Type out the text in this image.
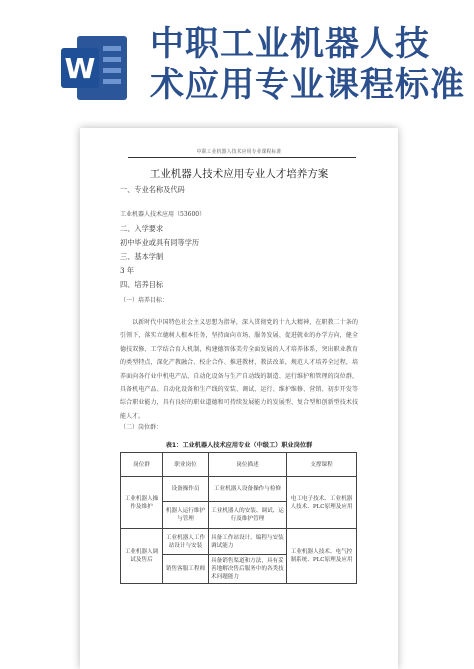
W
中职工业机器人技
术应用专业课程标准
中职工业机器人技术应用专业课程标准
工业机器人技术应用专业人才培养方案
一、专业名称及代码
工业机器人技术应用（53600）
二、入学要求
初中毕业或具有同等学历
三、基本学制
3 年
四、培养目标
（一）培养目标：
以新时代中国特色社会主义思想为指导，深入贯彻党的十九大精神，在职教二十条的引领下，落实立德树人根本任务，坚持面向市场、服务发展、促进就业的办学方向，健全德技双修、工学结合育人机制，构建德智体美劳全面发展的人才培养体系，突出职业教育的类型特点，深化产教融合、校企合作、推进教材、教法改革，规范人才培养全过程，培养面向各行业中机电产品、自动化设备与生产自动线的制造、运行维护和管理的岗位群，具备机电产品、自动化设备和生产线的安装、调试、运行、维护维修、营销、初步开发等综合职业能力，具有良好的职业道德和可持续发展能力的发展型、复合型和创新型技术技能人才。
（二）岗位群：
表1：工业机器人技术应用专业（中级工）职业岗位群
岗位群	职业岗位	岗位描述	支撑课程
工业机器人操作及维护	设备操作员	工业机器人设备操作与检修	电工电子技术、工业机器人技术、PLC原理及应用
	机器人运行维护与管理	工业机器人的安装、调试、运行及维护管理	
工业机器人调试及售后	工业机器人工作站设计与安装	具备工作站设计、编程与安装调试能力	工业机器人技术、电气控制系统、PLC原理及应用
	销售客服工程师	具备销售渠道和方法，具有妥善地解决售后服务中的各类技术问题能力	
